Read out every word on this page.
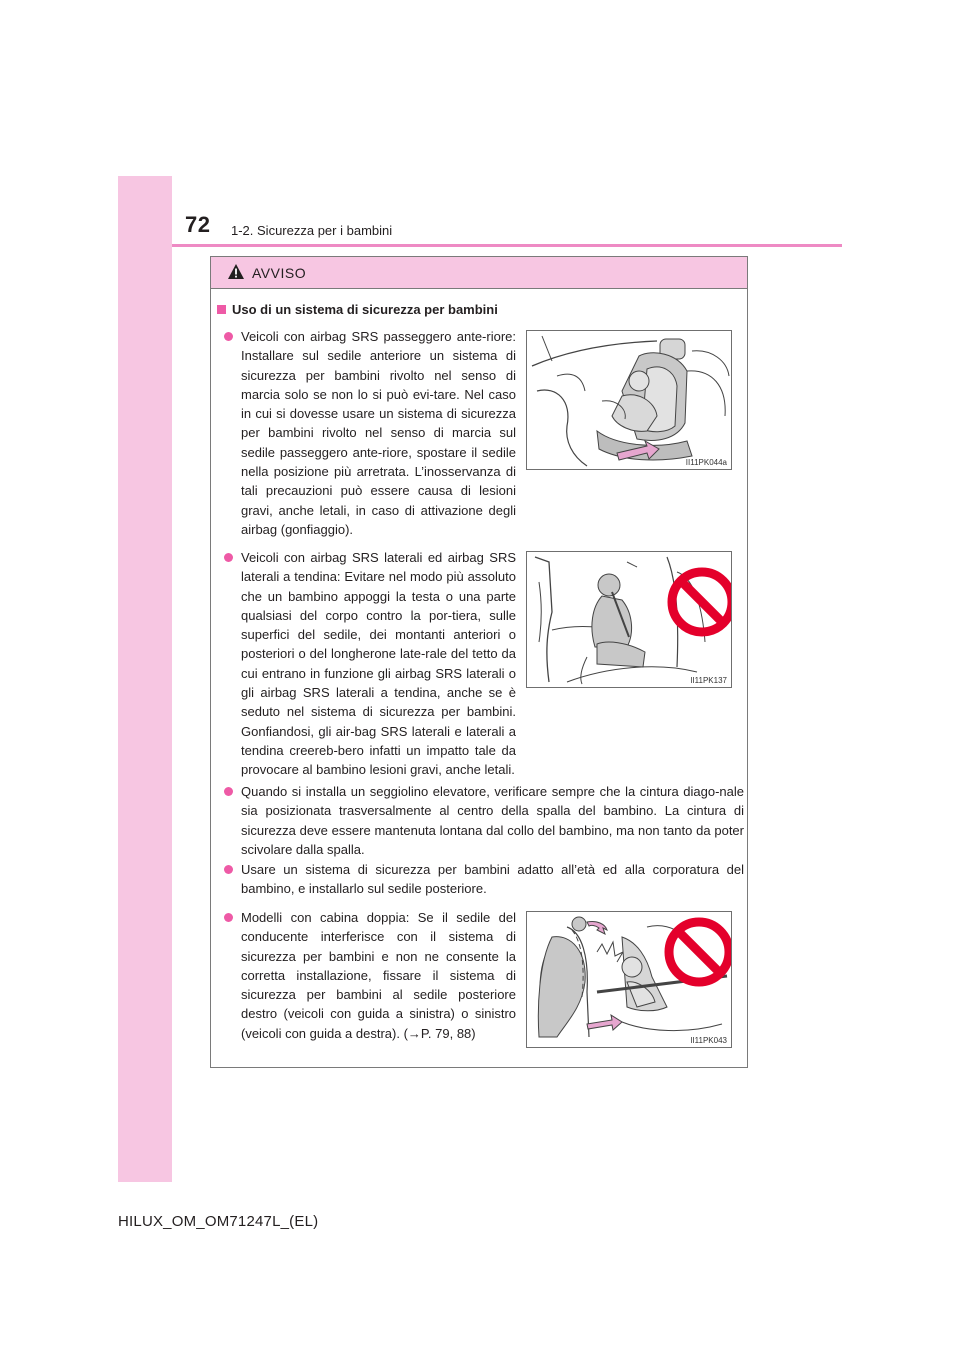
72 1-2. Sicurezza per i bambini
AVVISO
Uso di un sistema di sicurezza per bambini
Veicoli con airbag SRS passeggero ante-riore: Installare sul sedile anteriore un sistema di sicurezza per bambini rivolto nel senso di marcia solo se non lo si può evi-tare. Nel caso in cui si dovesse usare un sistema di sicurezza per bambini rivolto nel senso di marcia sul sedile passeggero ante-riore, spostare il sedile nella posizione più arretrata. L’inosservanza di tali precauzioni può essere causa di lesioni gravi, anche letali, in caso di attivazione degli airbag (gonfiaggio).
II11PK044a
Veicoli con airbag SRS laterali ed airbag SRS laterali a tendina: Evitare nel modo più assoluto che un bambino appoggi la testa o una parte qualsiasi del corpo contro la por-tiera, sulle superfici del sedile, dei montanti anteriori o posteriori o del longherone late-rale del tetto da cui entrano in funzione gli airbag SRS laterali o gli airbag SRS laterali a tendina, anche se è seduto nel sistema di sicurezza per bambini. Gonfiandosi, gli air-bag SRS laterali e laterali a tendina creereb-bero infatti un impatto tale da provocare al bambino lesioni gravi, anche letali.
II11PK137
Quando si installa un seggiolino elevatore, verificare sempre che la cintura diago-nale sia posizionata trasversalmente al centro della spalla del bambino. La cintura di sicurezza deve essere mantenuta lontana dal collo del bambino, ma non tanto da poter scivolare dalla spalla.
Usare un sistema di sicurezza per bambini adatto all’età ed alla corporatura del bambino, e installarlo sul sedile posteriore.
Modelli con cabina doppia: Se il sedile del conducente interferisce con il sistema di sicurezza per bambini e non ne consente la corretta installazione, fissare il sistema di sicurezza per bambini al sedile posteriore destro (veicoli con guida a sinistra) o sinistro (veicoli con guida a destra). (→P. 79, 88)	II11PK043
HILUX_OM_OM71247L_(EL)
